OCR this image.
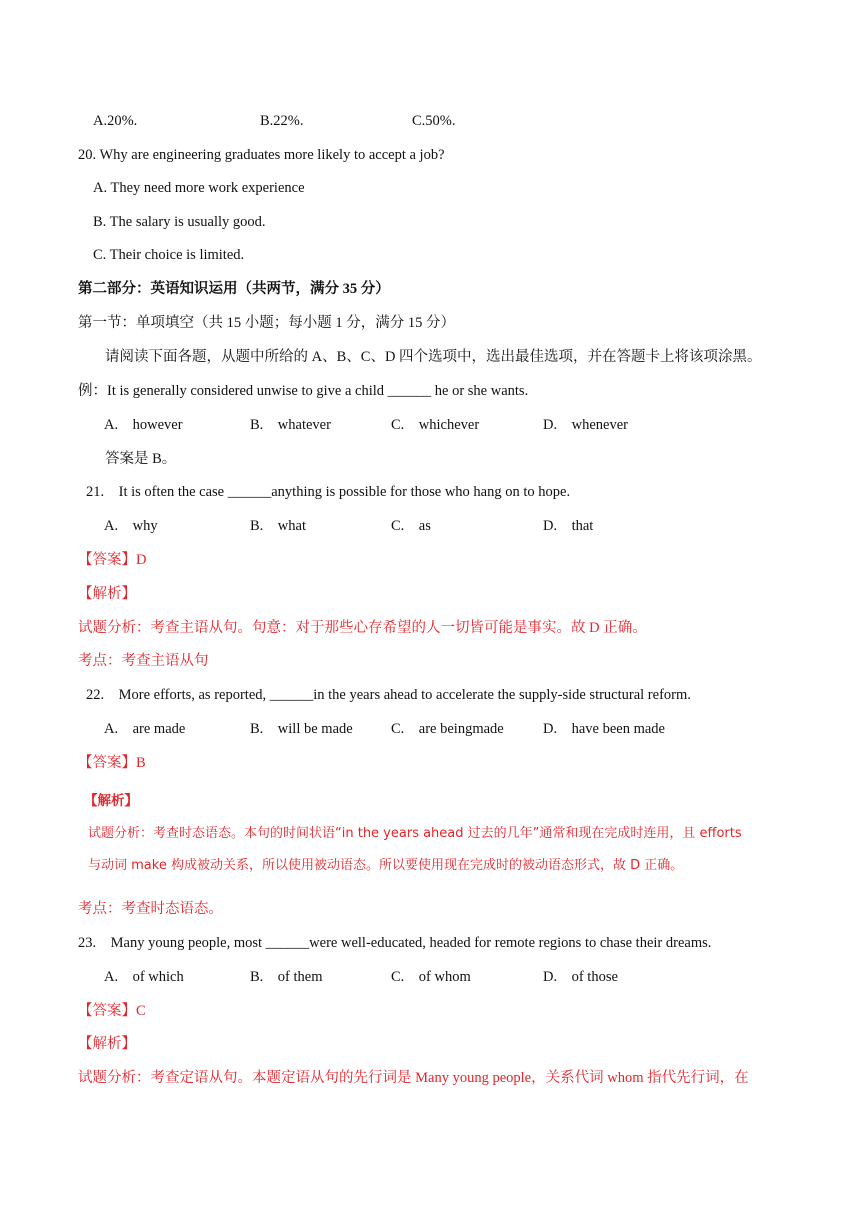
A.20%.	B.22%.	C.50%.
20. Why are engineering graduates more likely to accept a job?
A. They need more work experience
B. The salary is usually good.
C. Their choice is limited.
第二部分：英语知识运用（共两节，满分 35 分）
第一节：单项填空（共 15 小题；每小题 1 分，满分 15 分）
请阅读下面各题，从题中所给的 A、B、C、D 四个选项中，选出最佳选项，并在答题卡上将该项涂黑。
例：It is generally considered unwise to give a child ______ he or she wants.
A.　however	B.　whatever	C.　whichever	D.　whenever
答案是 B。
21.　It is often the case ______anything is possible for those who hang on to hope.
A.　why	B.　what	C.　as	D.　that
【答案】D
【解析】
试题分析：考查主语从句。句意：对于那些心存希望的人一切皆可能是事实。故 D 正确。
考点：考查主语从句
22.　More efforts, as reported, ______in the years ahead to accelerate the supply-side structural reform.
A.　are made	B.　will be made	C.　are beingmade	D.　have been made
【答案】B
【解析】
试题分析：考查时态语态。本句的时间状语“in the years ahead 过去的几年”通常和现在完成时连用，且 efforts
与动词 make 构成被动关系，所以使用被动语态。所以要使用现在完成时的被动语态形式，故 D 正确。
考点：考查时态语态。
23.　Many young people, most ______were well-educated, headed for remote regions to chase their dreams.
A.　of which	B.　of them	C.　of whom	D.　of those
【答案】C
【解析】
试题分析：考查定语从句。本题定语从句的先行词是 Many young people，关系代词 whom 指代先行词，在
